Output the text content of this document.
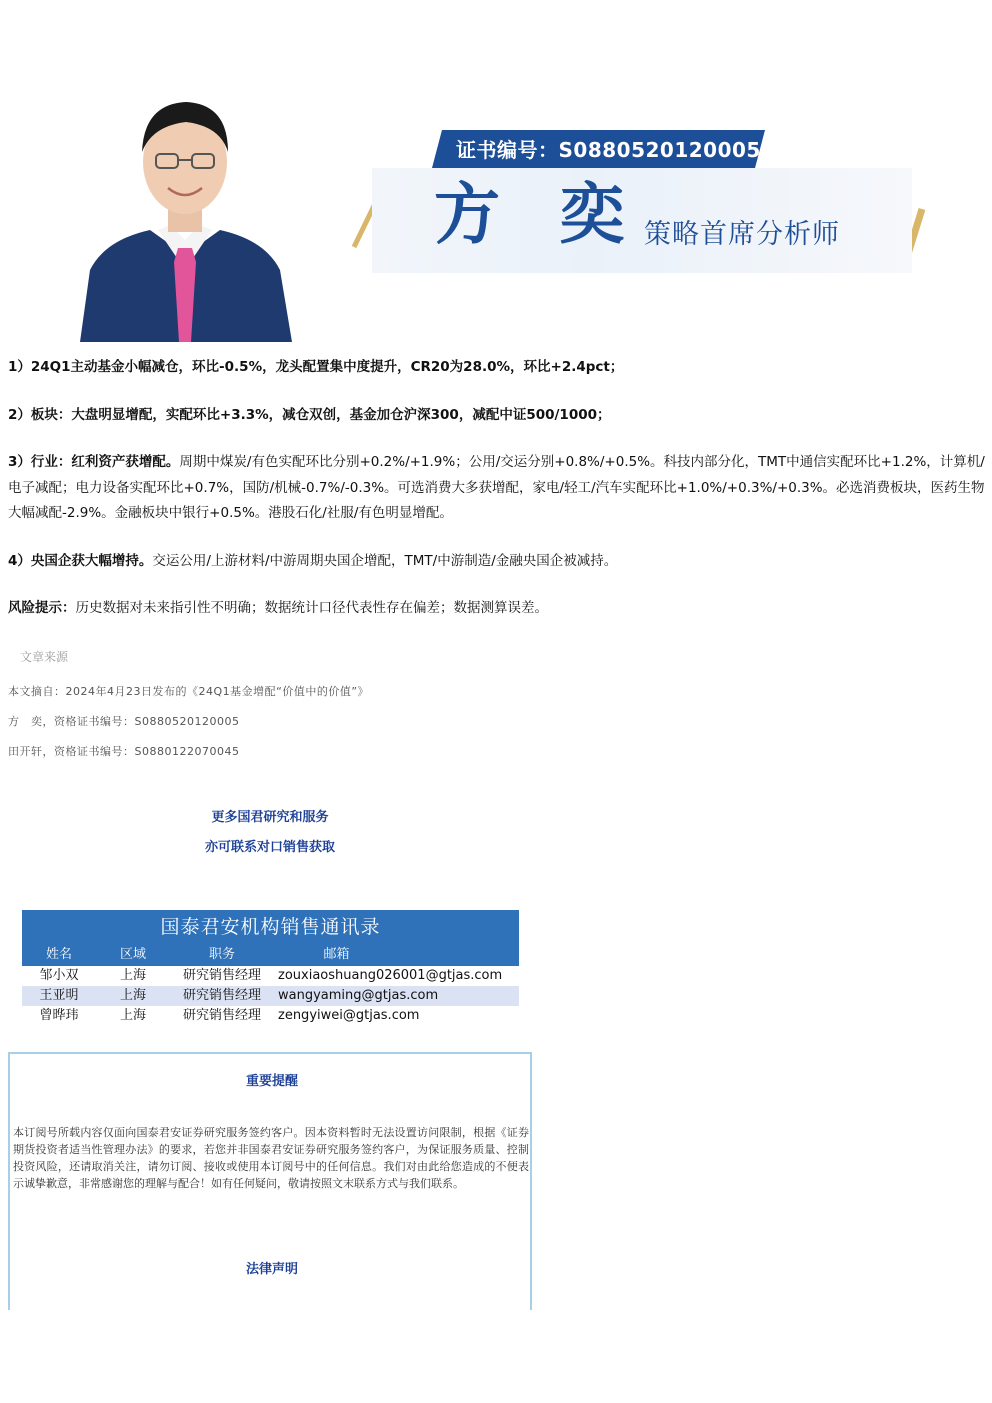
证书编号：S0880520120005
方 奕 策略首席分析师
1）24Q1主动基金小幅减仓，环比-0.5%，龙头配置集中度提升，CR20为28.0%，环比+2.4pct；
2）板块：大盘明显增配，实配环比+3.3%，减仓双创，基金加仓沪深300，减配中证500/1000；
3）行业：红利资产获增配。周期中煤炭/有色实配环比分别+0.2%/+1.9%；公用/交运分别+0.8%/+0.5%。科技内部分化，TMT中通信实配环比+1.2%，计算机/电子减配；电力设备实配环比+0.7%，国防/机械-0.7%/-0.3%。可选消费大多获增配，家电/轻工/汽车实配环比+1.0%/+0.3%/+0.3%。必选消费板块，医药生物大幅减配-2.9%。金融板块中银行+0.5%。港股石化/社服/有色明显增配。
4）央国企获大幅增持。交运公用/上游材料/中游周期央国企增配，TMT/中游制造/金融央国企被减持。
风险提示：历史数据对未来指引性不明确；数据统计口径代表性存在偏差；数据测算误差。
文章来源
本文摘自：2024年4月23日发布的《24Q1基金增配“价值中的价值”》
方　奕，资格证书编号：S0880520120005
田开轩，资格证书编号：S0880122070045
更多国君研究和服务
亦可联系对口销售获取
国泰君安机构销售通讯录
姓名	区域	职务	邮箱
邹小双	上海	研究销售经理	zouxiaoshuang026001@gtjas.com
王亚明	上海	研究销售经理	wangyaming@gtjas.com
曾晔玮	上海	研究销售经理	zengyiwei@gtjas.com
重要提醒
本订阅号所载内容仅面向国泰君安证券研究服务签约客户。因本资料暂时无法设置访问限制，根据《证券期货投资者适当性管理办法》的要求，若您并非国泰君安证券研究服务签约客户，为保证服务质量、控制投资风险，还请取消关注，请勿订阅、接收或使用本订阅号中的任何信息。我们对由此给您造成的不便表示诚挚歉意，非常感谢您的理解与配合！如有任何疑问，敬请按照文末联系方式与我们联系。
法律声明
